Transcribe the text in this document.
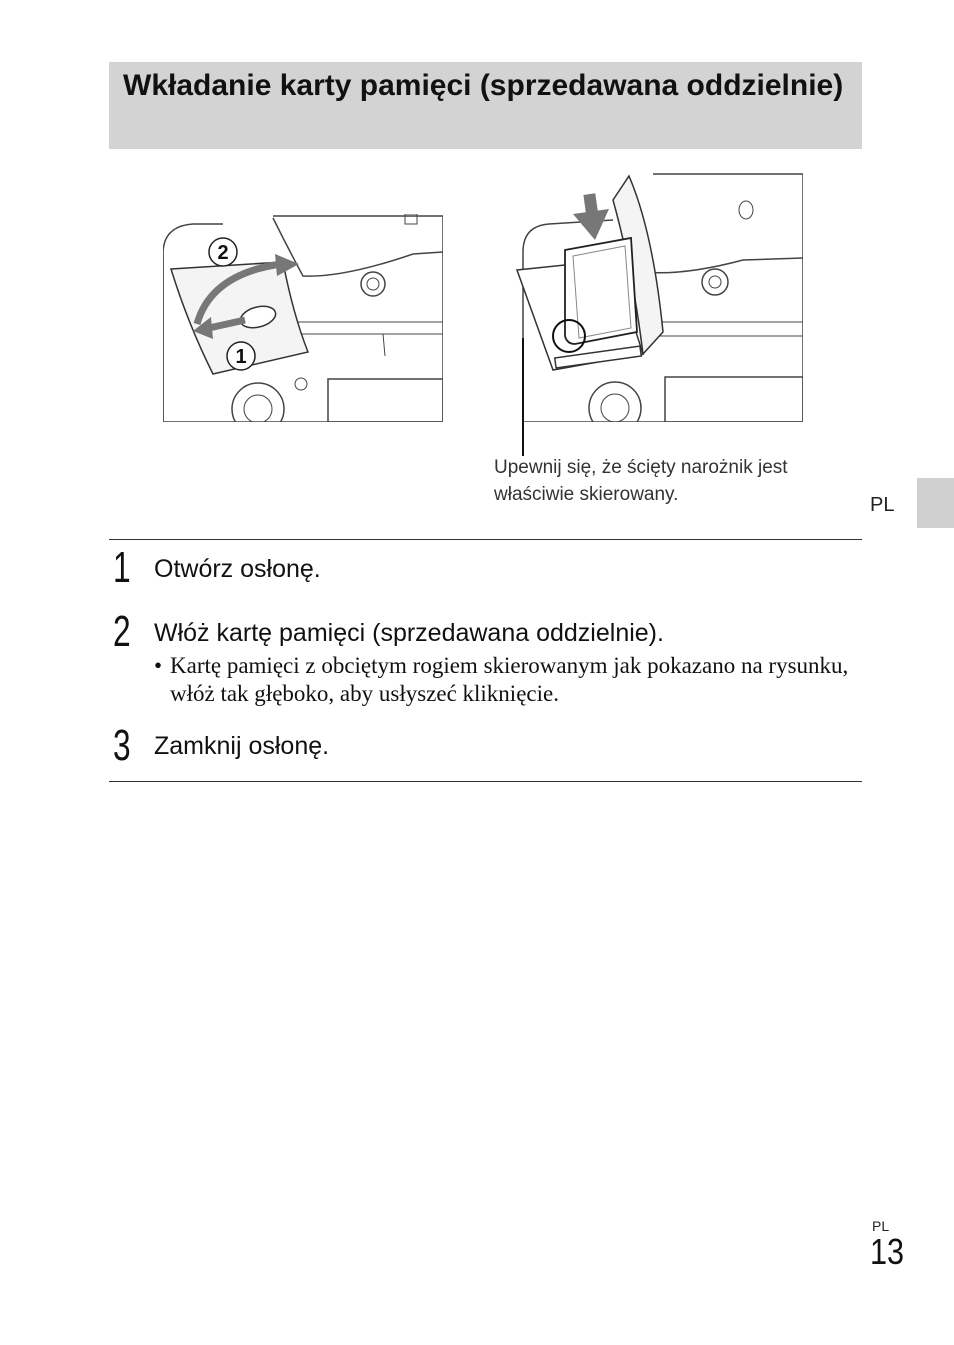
Wkładanie karty pamięci (sprzedawana oddzielnie)
2
1
Upewnij się, że ścięty narożnik jest właściwie skierowany.	PL
1 Otwórz osłonę.
2 Włóż kartę pamięci (sprzedawana oddzielnie).
• Kartę pamięci z obciętym rogiem skierowanym jak pokazano na rysunku, włóż tak głęboko, aby usłyszeć kliknięcie.
3 Zamknij osłonę.
PL
13
